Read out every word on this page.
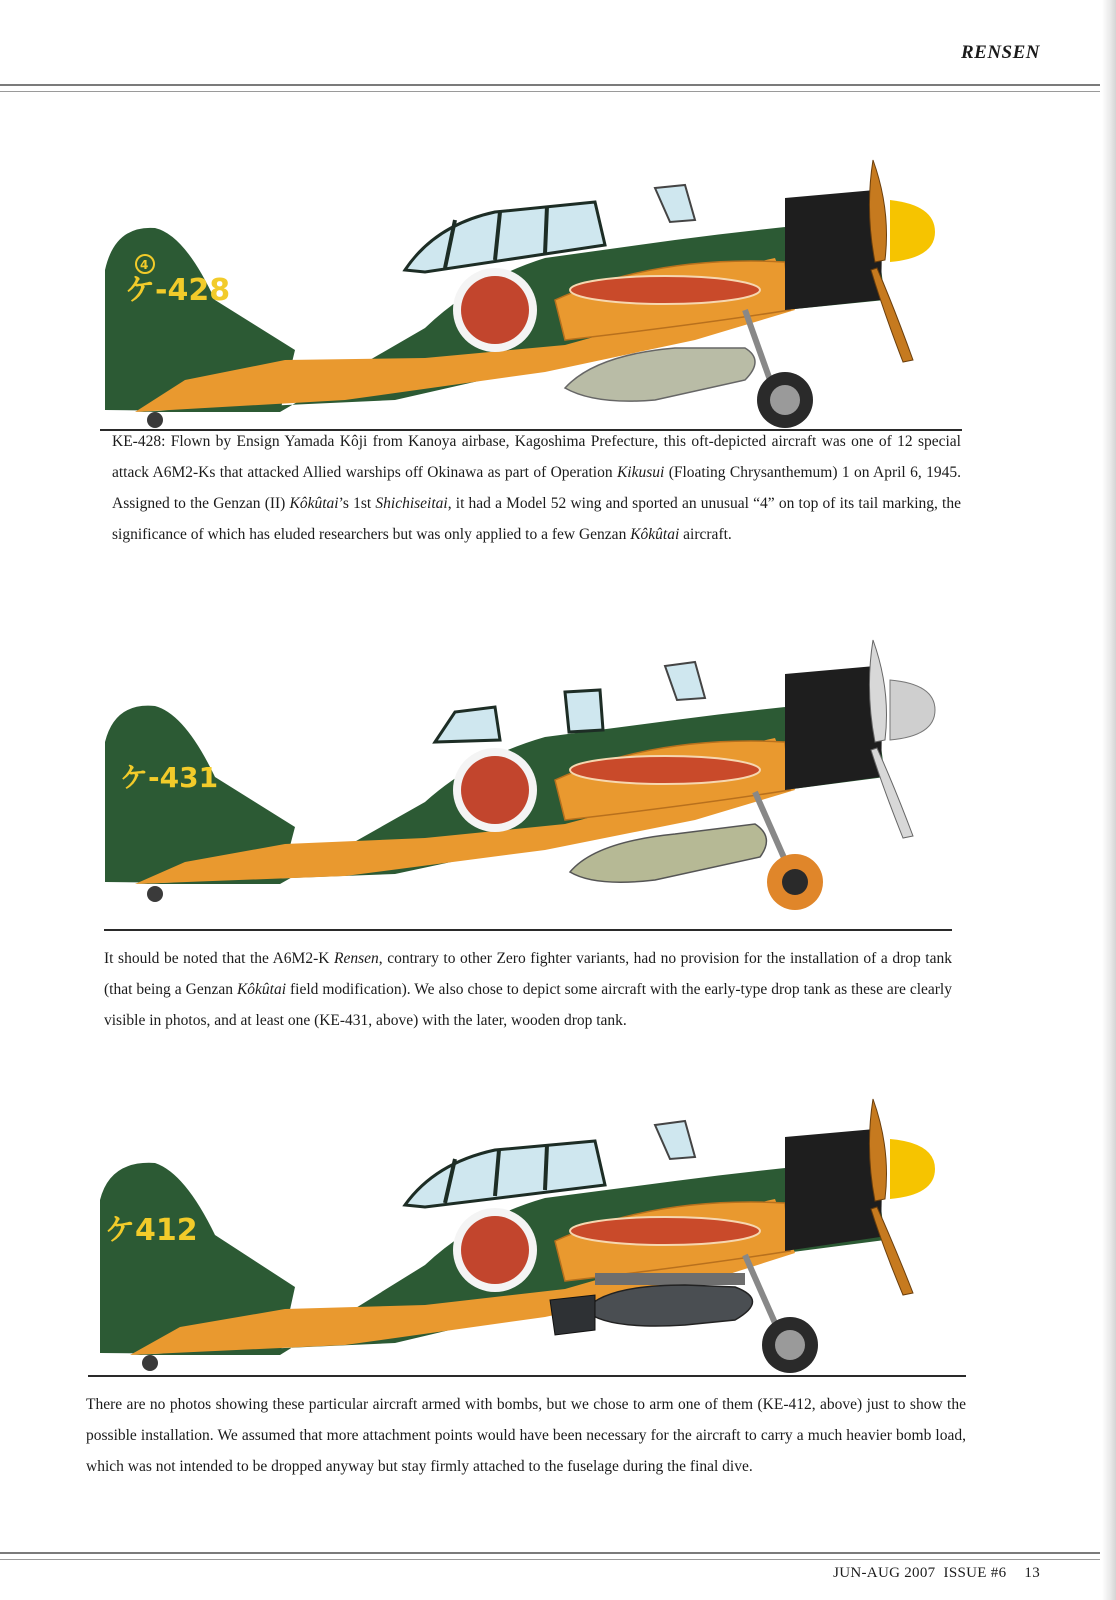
RENSEN
ケ-428
4

KE-428: Flown by Ensign Yamada Kôji from Kanoya airbase, Kagoshima Prefecture, this oft-depicted aircraft was one of 12 special attack A6M2-Ks that attacked Allied warships off Okinawa as part of Operation Kikusui (Floating Chrysanthemum) 1 on April 6, 1945. Assigned to the Genzan (II) Kôkûtai’s 1st Shichiseitai, it had a Model 52 wing and sported an unusual “4” on top of its tail marking, the significance of which has eluded researchers but was only applied to a few Genzan Kôkûtai aircraft.

ケ-431

It should be noted that the A6M2-K Rensen, contrary to other Zero fighter variants, had no provision for the installation of a drop tank (that being a Genzan Kôkûtai field modification). We also chose to depict some aircraft with the early-type drop tank as these are clearly visible in photos, and at least one (KE-431, above) with the later, wooden drop tank.

ケ412

There are no photos showing these particular aircraft armed with bombs, but we chose to arm one of them (KE-412, above) just to show the possible installation. We assumed that more attachment points would have been necessary for the aircraft to carry a much heavier bomb load, which was not intended to be dropped anyway but stay firmly attached to the fuselage during the final dive.

JUN-AUG 2007  ISSUE #6 13
